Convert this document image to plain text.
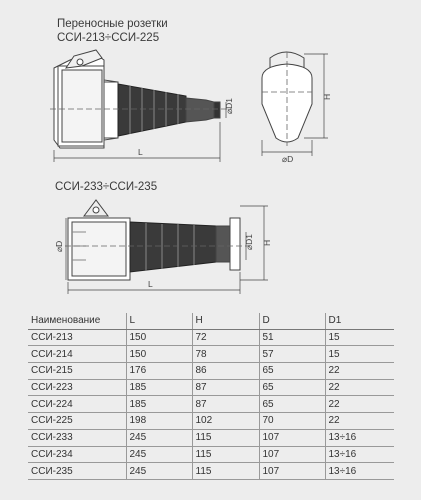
Переносные розетки
ССИ-213÷ССИ-225
L
⌀D1
⌀D
H
ССИ-233÷ССИ-235
⌀D
L
⌀D1 H
Наименование	L	H	D	D1
ССИ-213	150	72	51	15
ССИ-214	150	78	57	15
ССИ-215	176	86	65	22
ССИ-223	185	87	65	22
ССИ-224	185	87	65	22
ССИ-225	198	102	70	22
ССИ-233	245	115	107	13÷16
ССИ-234	245	115	107	13÷16
ССИ-235	245	115	107	13÷16
